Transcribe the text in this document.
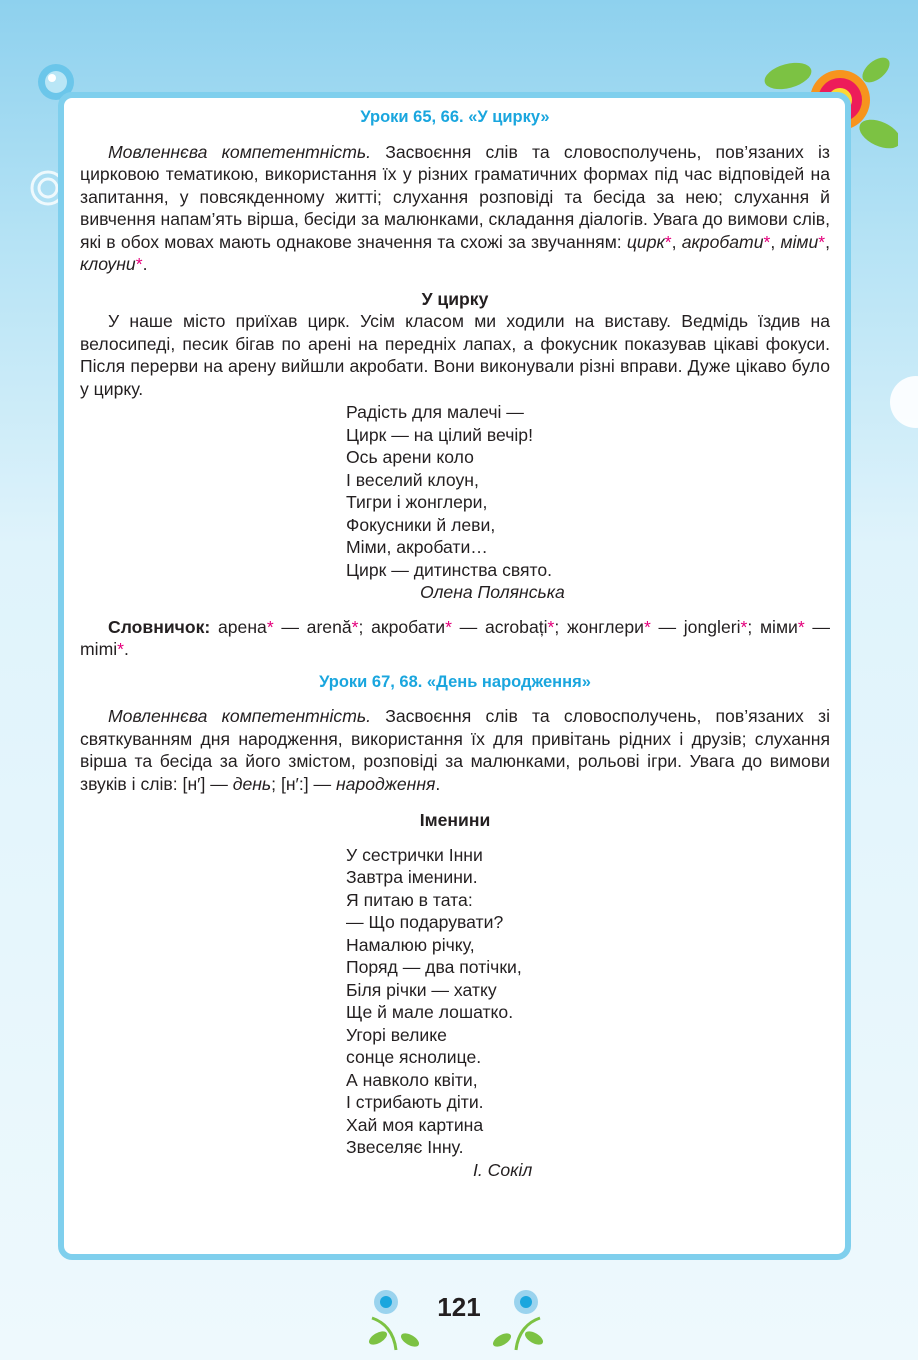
Уроки 65, 66. «У цирку»

Мовленнєва компетентність. Засвоєння слів та словосполучень, пов’язаних із цирковою тематикою, використання їх у різних граматичних формах під час відповідей на запитання, у повсякденному житті; слухання розповіді та бесіда за нею; слухання й вивчення напам’ять вірша, бесіди за малюнками, складання діалогів. Увага до вимови слів, які в обох мовах мають однакове значення та схожі за звучанням: цирк*, акробати*, міми*, клоуни*.

У цирку

У наше місто приїхав цирк. Усім класом ми ходили на виставу. Ведмідь їздив на велосипеді, песик бігав по арені на передніх лапах, а фокусник показував цікаві фокуси. Після перерви на арену вийшли акробати. Вони виконували різні вправи. Дуже цікаво було у цирку.

Радість для малечі —
Цирк — на цілий вечір!
Ось арени коло
І веселий клоун,
Тигри і жонглери,
Фокусники й леви,
Міми, акробати…
Цирк — дитинства свято.
Олена Полянська

Словничок: арена* — arenă*; акробати* — acrobați*; жонглери* — jongleri*; міми* — mimi*.

Уроки 67, 68. «День народження»

Мовленнєва компетентність. Засвоєння слів та словосполучень, пов’язаних зі святкуванням дня народження, використання їх для привітань рідних і друзів; слухання вірша та бесіда за його змістом, розповіді за малюнками, рольові ігри. Увага до вимови звуків і слів: [н′] — день; [н′:] — народження.

Іменини
У сестрички Інни
Завтра іменини.
Я питаю в тата:
— Що подарувати?
Намалюю річку,
Поряд — два потічки,
Біля річки — хатку
Ще й мале лошатко.
Угорі велике
сонце яснолице.
А навколо квіти,
І стрибають діти.
Хай моя картина
Звеселяє Інну.
І. Сокіл
121
